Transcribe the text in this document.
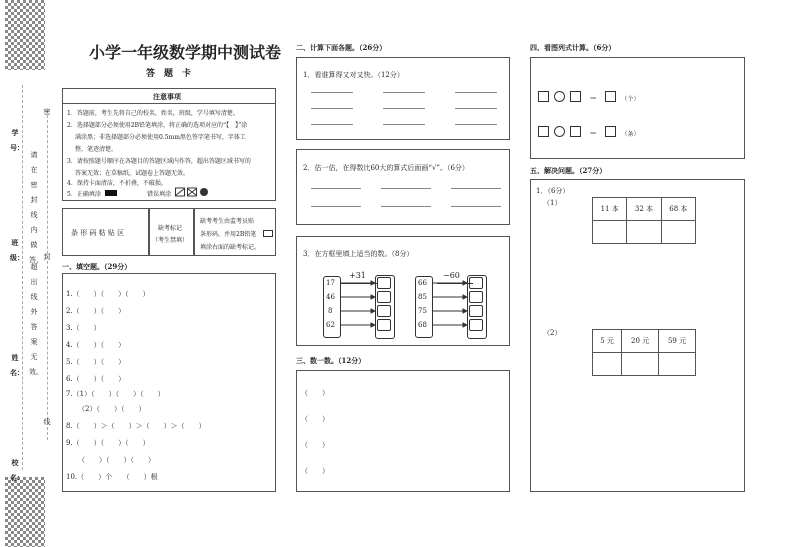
学号：
班级：
姓名：
校名：
密
封
线
请在密封线内做答，
超出线外答案无效。
小学一年级数学期中测试卷
答　题　卡
注意事项
1．答题前，考生先将自己的校名，姓名，班级，学号填写清楚。
2．选择题部分必须使用2B铅笔填涂，将正确的选项对应的“【　】”涂
满涂黑；非选择题部分必须使用0.5mm黑色签字笔书写，字体工
整，笔迹清楚。
3．请按照题号顺序在各题目的答题区域内作答，超出答题区域书写的
答案无效；在草稿纸，试题卷上答题无效。
4．保持卡面清洁，不折叠，不破损。
5．正确填涂	错误填涂
条 形 码 粘 贴 区
缺考标记
（考生禁填）
缺考考生由监考员贴
条形码，并用2B铅笔
填涂右面的缺考标记。
一、填空题。（29分）
1.（　　）（　　）（　　）
2.（　　）（　　）
3.（　　）
4.（　　）（　　）
5.（　　）（　　）
6.（　　）（　　）
7.（1）（　　）（　　）（　　）
（2）（　　）（　　）
8.（　　）＞（　　）＞（　　）＞（　　）
9.（　　）（　　）（　　）
（　　）（　　）（　　）
10.（　　）个　　（　　）根
二、计算下面各题。（26分）
1．看谁算得又对又快。（12分）
2．估一估，在得数比60大的算式后面画“√”。（6分）
3．在方框里填上适当的数。（8分）
+31
17
46
8
62
−60
66
85
75
68
三、数一数。（12分）
（　　）
（　　）
（　　）
（　　）
四、看图列式计算。（6分）
＝	（个）
＝	（条）
五、解决问题。（27分）
1．（6分）
（1）
11 本	32 本	68 本

（2）
5 元	20 元	59 元
